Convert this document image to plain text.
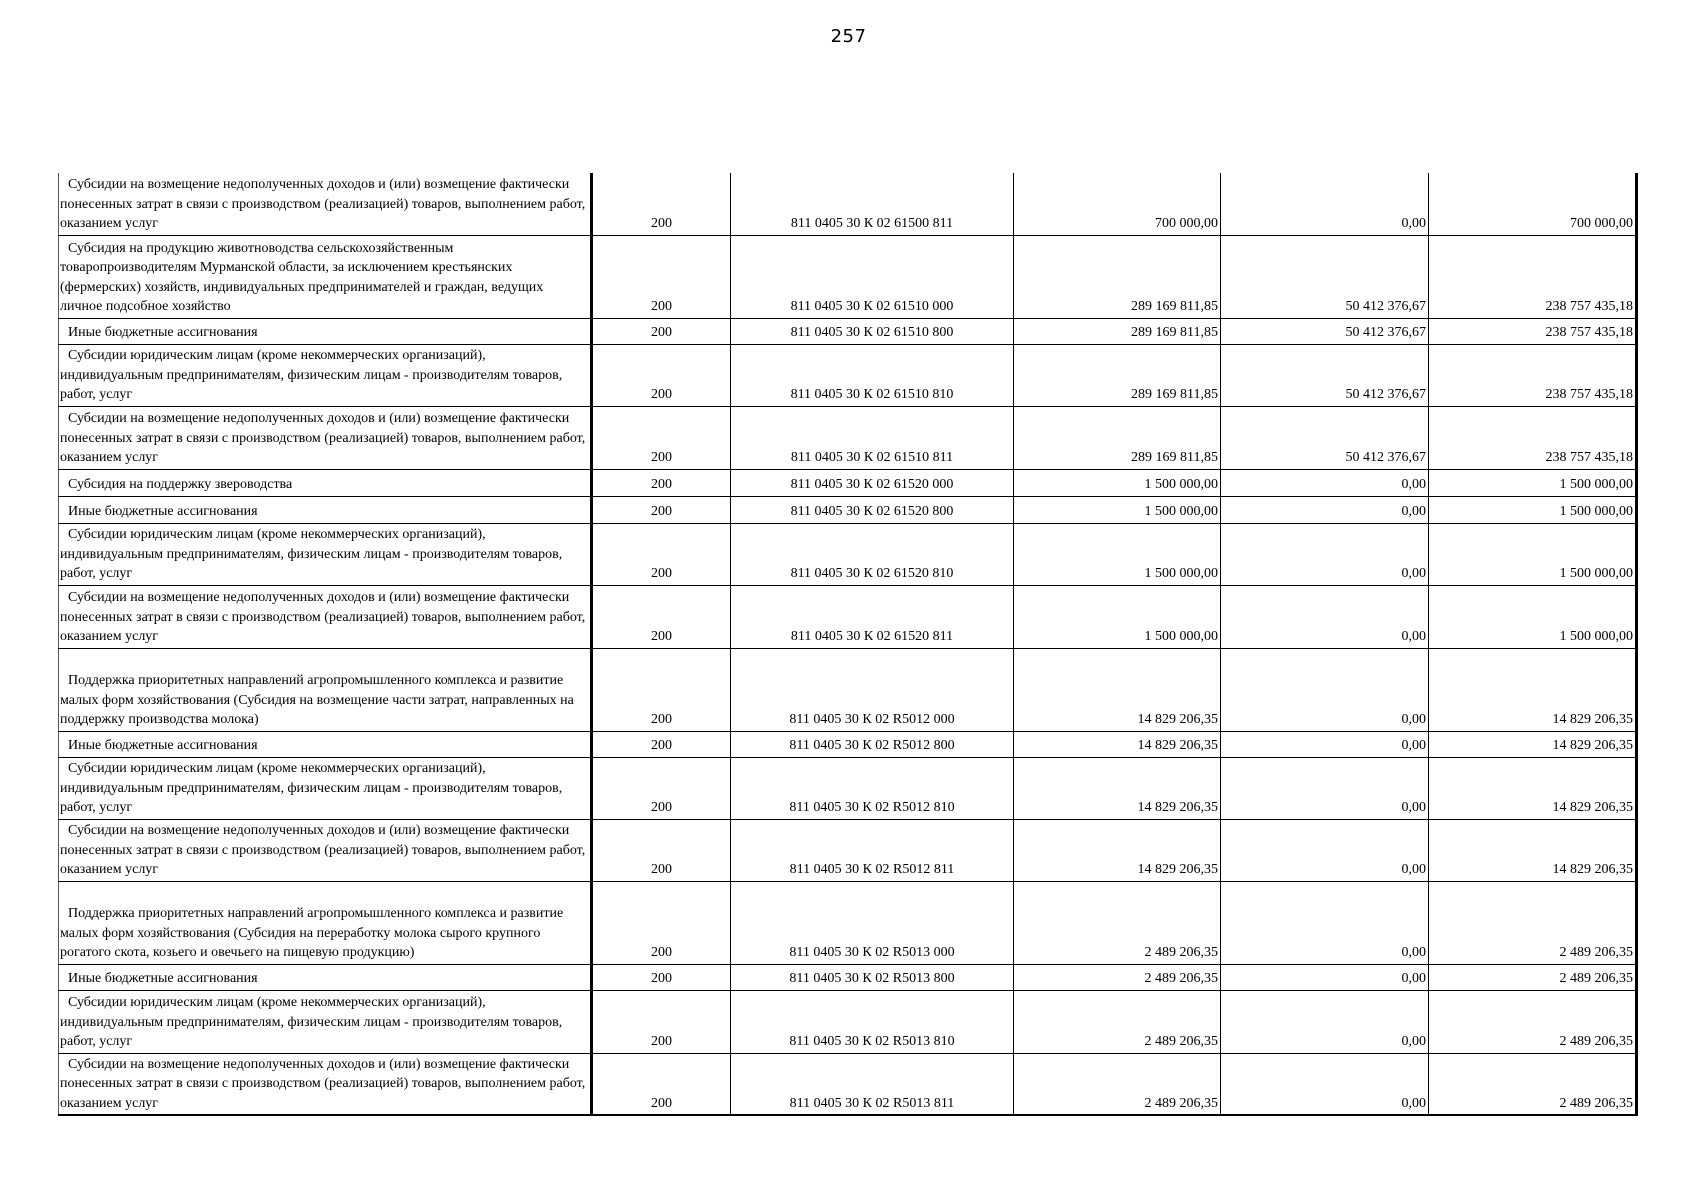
257
Субсидии на возмещение недополученных доходов и (или) возмещение фактически понесенных затрат в связи с производством (реализацией) товаров, выполнением работ, оказанием услуг	200	811 0405 30 К 02 61500 811	700 000,00	0,00	700 000,00
Субсидия на продукцию животноводства сельскохозяйственным товаропроизводителям Мурманской области, за исключением крестьянских (фермерских) хозяйств, индивидуальных предпринимателей и граждан, ведущих личное подсобное хозяйство	200	811 0405 30 К 02 61510 000	289 169 811,85	50 412 376,67	238 757 435,18
Иные бюджетные ассигнования	200	811 0405 30 К 02 61510 800	289 169 811,85	50 412 376,67	238 757 435,18
Субсидии юридическим лицам (кроме некоммерческих организаций), индивидуальным предпринимателям, физическим лицам - производителям товаров, работ, услуг	200	811 0405 30 К 02 61510 810	289 169 811,85	50 412 376,67	238 757 435,18
Субсидии на возмещение недополученных доходов и (или) возмещение фактически понесенных затрат в связи с производством (реализацией) товаров, выполнением работ, оказанием услуг	200	811 0405 30 К 02 61510 811	289 169 811,85	50 412 376,67	238 757 435,18
Субсидия на поддержку звероводства	200	811 0405 30 К 02 61520 000	1 500 000,00	0,00	1 500 000,00
Иные бюджетные ассигнования	200	811 0405 30 К 02 61520 800	1 500 000,00	0,00	1 500 000,00
Субсидии юридическим лицам (кроме некоммерческих организаций), индивидуальным предпринимателям, физическим лицам - производителям товаров, работ, услуг	200	811 0405 30 К 02 61520 810	1 500 000,00	0,00	1 500 000,00
Субсидии на возмещение недополученных доходов и (или) возмещение фактически понесенных затрат в связи с производством (реализацией) товаров, выполнением работ, оказанием услуг	200	811 0405 30 К 02 61520 811	1 500 000,00	0,00	1 500 000,00
Поддержка приоритетных направлений агропромышленного комплекса и развитие малых форм хозяйствования (Субсидия на возмещение части затрат, направленных на поддержку производства молока)	200	811 0405 30 К 02 R5012 000	14 829 206,35	0,00	14 829 206,35
Иные бюджетные ассигнования	200	811 0405 30 К 02 R5012 800	14 829 206,35	0,00	14 829 206,35
Субсидии юридическим лицам (кроме некоммерческих организаций), индивидуальным предпринимателям, физическим лицам - производителям товаров, работ, услуг	200	811 0405 30 К 02 R5012 810	14 829 206,35	0,00	14 829 206,35
Субсидии на возмещение недополученных доходов и (или) возмещение фактически понесенных затрат в связи с производством (реализацией) товаров, выполнением работ, оказанием услуг	200	811 0405 30 К 02 R5012 811	14 829 206,35	0,00	14 829 206,35
Поддержка приоритетных направлений агропромышленного комплекса и развитие малых форм хозяйствования (Субсидия на переработку молока сырого крупного рогатого скота, козьего и овечьего на пищевую продукцию)	200	811 0405 30 К 02 R5013 000	2 489 206,35	0,00	2 489 206,35
Иные бюджетные ассигнования	200	811 0405 30 К 02 R5013 800	2 489 206,35	0,00	2 489 206,35
Субсидии юридическим лицам (кроме некоммерческих организаций), индивидуальным предпринимателям, физическим лицам - производителям товаров, работ, услуг	200	811 0405 30 К 02 R5013 810	2 489 206,35	0,00	2 489 206,35
Субсидии на возмещение недополученных доходов и (или) возмещение фактически понесенных затрат в связи с производством (реализацией) товаров, выполнением работ, оказанием услуг	200	811 0405 30 К 02 R5013 811	2 489 206,35	0,00	2 489 206,35
